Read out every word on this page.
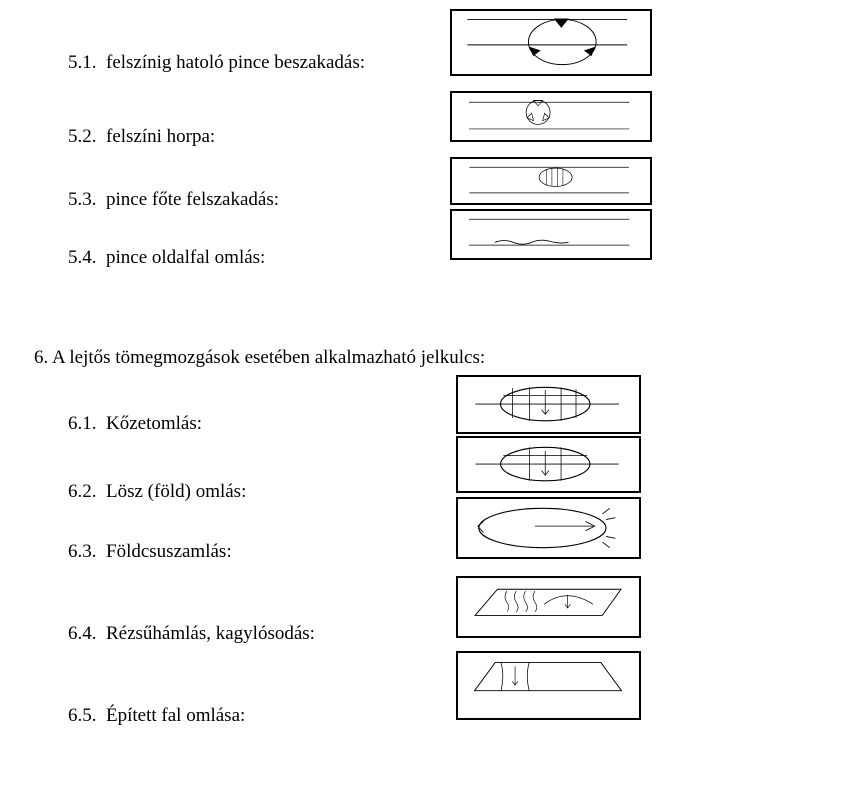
5.1. felszínig hatoló pince beszakadás:
5.2. felszíni horpa:
5.3. pince főte felszakadás:
5.4. pince oldalfal omlás:
6. A lejtős tömegmozgások esetében alkalmazható jelkulcs:
6.1. Kőzetomlás:
6.2. Lösz (föld) omlás:
6.3. Földcsuszamlás:
6.4. Rézsűhámlás, kagylósodás:
6.5. Épített fal omlása:
